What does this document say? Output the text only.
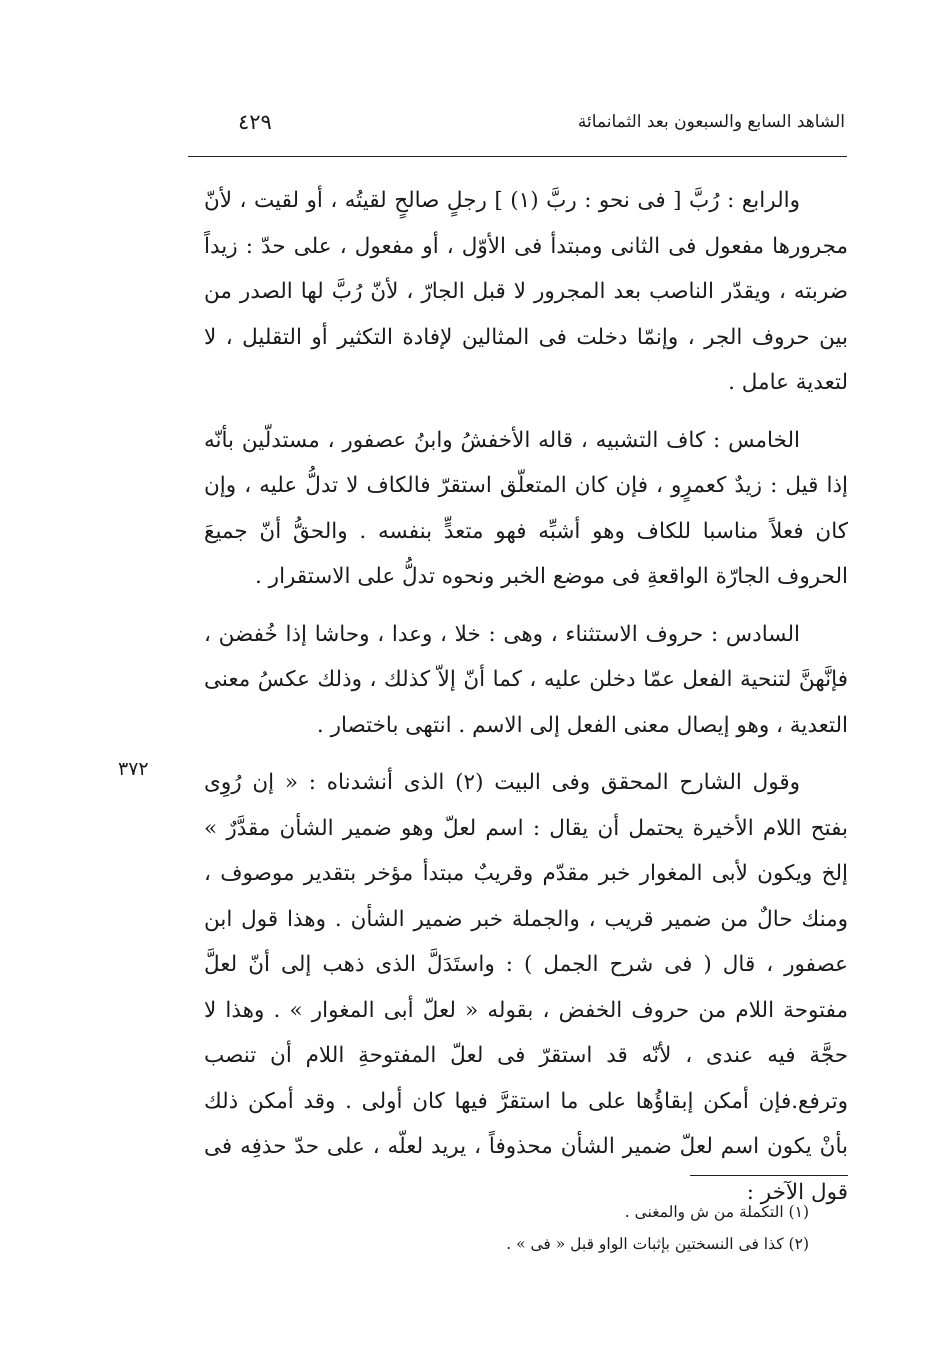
الشاهد السابع والسبعون بعد الثمانمائة
٤٢٩

والرابع : رُبَّ [ فى نحو : ربَّ (١) ] رجلٍ صالحٍ لقيتُه ، أو لقيت ، لأنّ مجرورها مفعول فى الثانى ومبتدأ فى الأوّل ، أو مفعول ، على حدّ : زيداً ضربته ، ويقدّر الناصب بعد المجرور لا قبل الجارّ ، لأنّ رُبَّ لها الصدر من بين حروف الجر ، وإنمّا دخلت فى المثالين لإفادة التكثير أو التقليل ، لا لتعدية عامل .

الخامس : كاف التشبيه ، قاله الأخفشُ وابنُ عصفور ، مستدلّين بأنّه إذا قيل : زيدٌ كعمرٍو ، فإن كان المتعلّق استقرّ فالكاف لا تدلُّ عليه ، وإن كان فعلاً مناسبا للكاف وهو أشبِّه فهو متعدٍّ بنفسه . والحقُّ أنّ جميعَ الحروف الجارّة الواقعةِ فى موضع الخبر ونحوه تدلُّ على الاستقرار .

السادس : حروف الاستثناء ، وهى : خلا ، وعدا ، وحاشا إذا خُفضن ، فإنَّهنَّ لتنحية الفعل عمّا دخلن عليه ، كما أنّ إلاّ كذلك ، وذلك عكسُ معنى التعدية ، وهو إيصال معنى الفعل إلى الاسم . انتهى باختصار .

وقول الشارح المحقق وفى البيت (٢) الذى أنشدناه : « إن رُوِى بفتح اللام الأخيرة يحتمل أن يقال : اسم لعلّ وهو ضمير الشأن مقدَّرٌ » إلخ ويكون لأبى المغوار خبر مقدّم وقريبٌ مبتدأ مؤخر بتقدير موصوف ، ومنك حالٌ من ضمير قريب ، والجملة خبر ضمير الشأن . وهذا قول ابن عصفور ، قال ( فى شرح الجمل ) : واستَدَلَّ الذى ذهب إلى أنّ لعلَّ مفتوحة اللام من حروف الخفض ، بقوله « لعلّ أبى المغوار » . وهذا لا حجَّة فيه عندى ، لأنّه قد استقرّ فى لعلّ المفتوحةِ اللام أن تنصب وترفع.فإن أمكن إبقاؤُها على ما استقرَّ فيها كان أولى . وقد أمكن ذلك بأنْ يكون اسم لعلّ ضمير الشأن محذوفاً ، يريد لعلّه ، على حدّ حذفِه فى قول الآخر :

٣٧٢
(١) التكملة من ش والمغنى .
(٢) كذا فى النسختين بإثبات الواو قبل « فى » .
